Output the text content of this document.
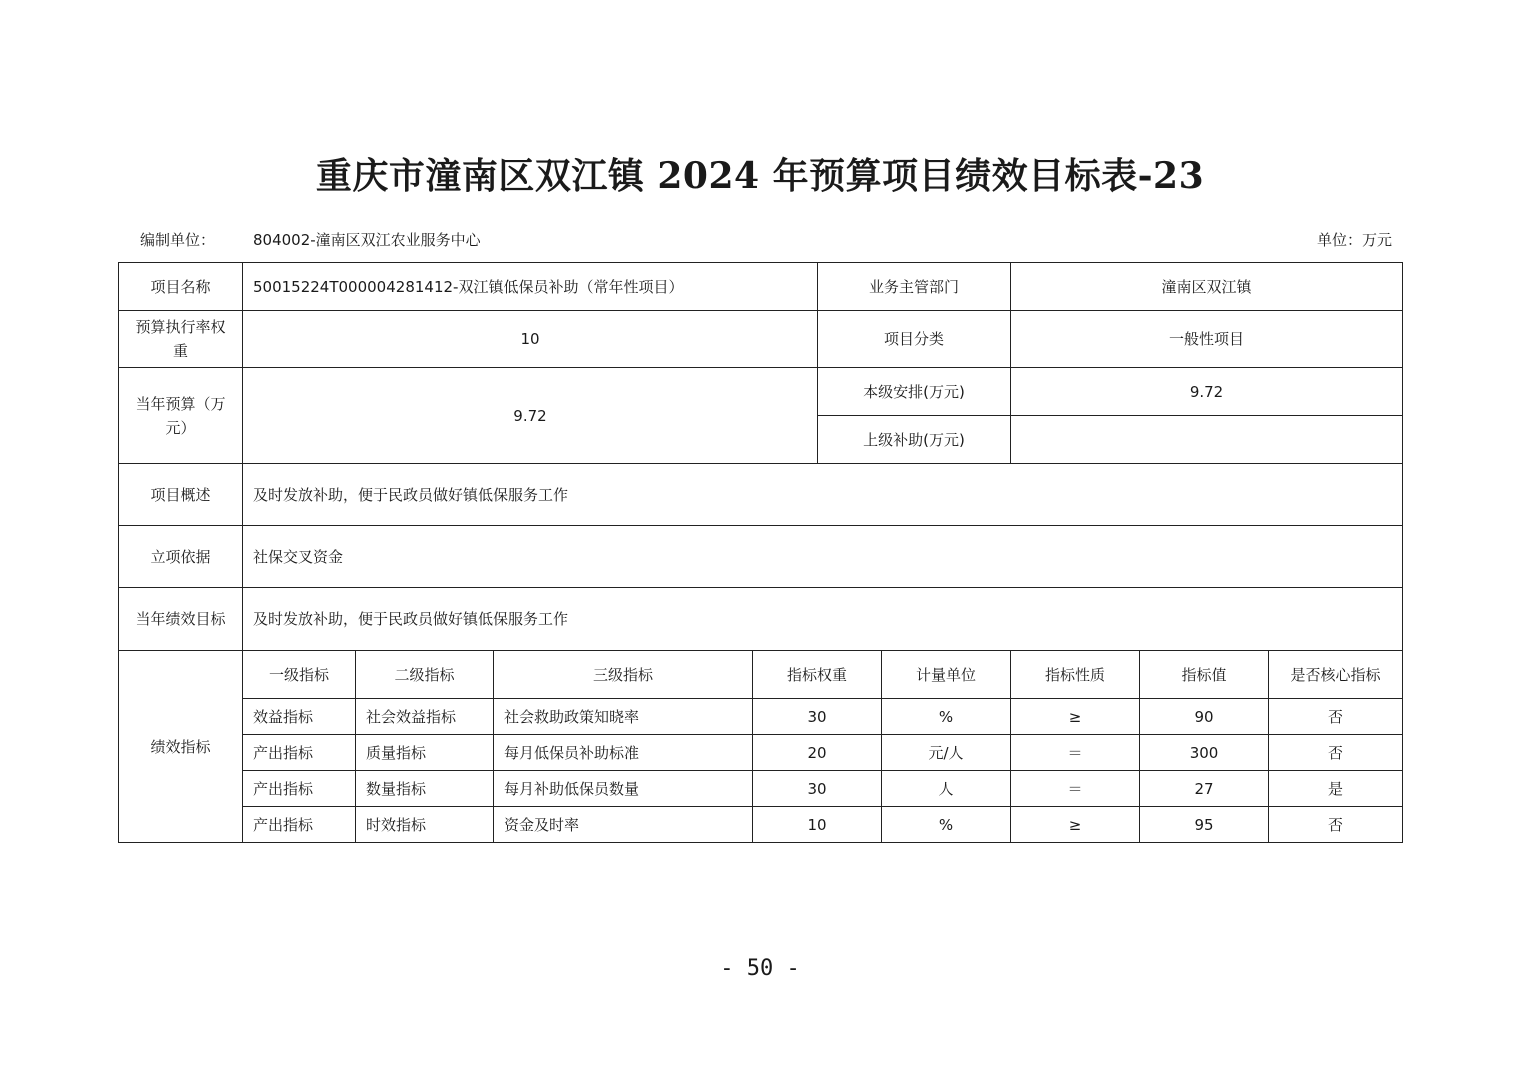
重庆市潼南区双江镇 2024 年预算项目绩效目标表-23
编制单位：	804002-潼南区双江农业服务中心	单位：万元
项目名称	50015224T000004281412-双江镇低保员补助（常年性项目）				业务主管部门		潼南区双江镇		
预算执行率权重	10				项目分类		一般性项目		
当年预算（万元）	9.72				本级安排(万元)		9.72		
					上级补助(万元)				
项目概述	及时发放补助，便于民政员做好镇低保服务工作								
立项依据	社保交叉资金								
当年绩效目标	及时发放补助，便于民政员做好镇低保服务工作								
绩效指标	一级指标	二级指标	三级指标	指标权重		计量单位	指标性质	指标值	是否核心指标
	效益指标	社会效益指标	社会救助政策知晓率	30		%	≥	90	否
	产出指标	质量指标	每月低保员补助标准	20		元/人	＝	300	否
	产出指标	数量指标	每月补助低保员数量	30		人	＝	27	是
	产出指标	时效指标	资金及时率	10		%	≥	95	否
- 50 -
